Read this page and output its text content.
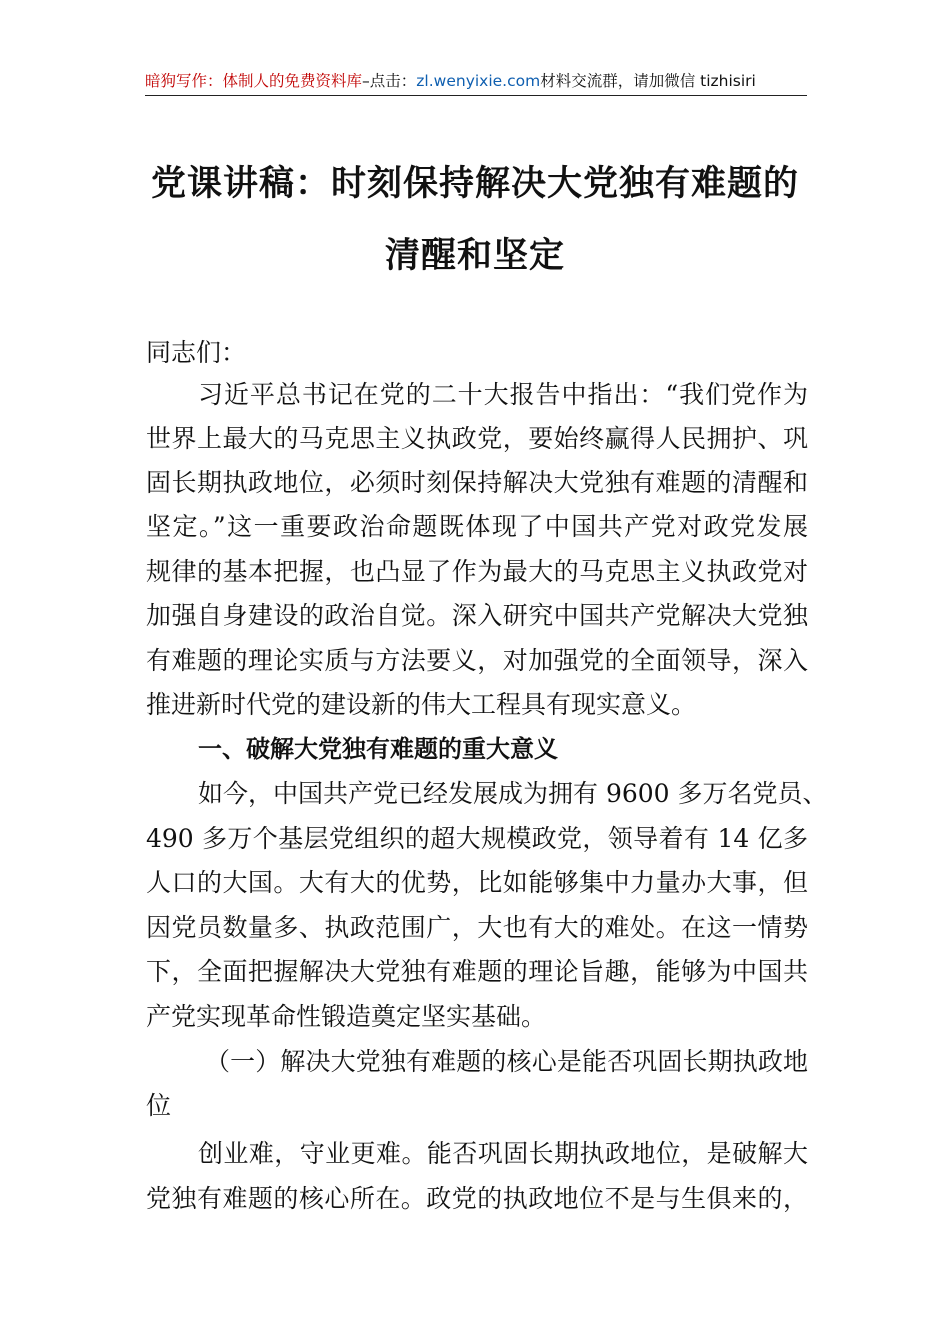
暗狗写作：体制人的免费资料库–点击：zl.wenyixie.com材料交流群，请加微信 tizhisiri
党课讲稿：时刻保持解决大党独有难题的
清醒和坚定
同志们：
习近平总书记在党的二十大报告中指出：“我们党作为
世界上最大的马克思主义执政党，要始终赢得人民拥护、巩
固长期执政地位，必须时刻保持解决大党独有难题的清醒和
坚定。”这一重要政治命题既体现了中国共产党对政党发展
规律的基本把握，也凸显了作为最大的马克思主义执政党对
加强自身建设的政治自觉。深入研究中国共产党解决大党独
有难题的理论实质与方法要义，对加强党的全面领导，深入
推进新时代党的建设新的伟大工程具有现实意义。
一、破解大党独有难题的重大意义
如今，中国共产党已经发展成为拥有 9600 多万名党员、
490 多万个基层党组织的超大规模政党，领导着有 14 亿多
人口的大国。大有大的优势，比如能够集中力量办大事，但
因党员数量多、执政范围广，大也有大的难处。在这一情势
下，全面把握解决大党独有难题的理论旨趣，能够为中国共
产党实现革命性锻造奠定坚实基础。
（一）解决大党独有难题的核心是能否巩固长期执政地
位
创业难，守业更难。能否巩固长期执政地位，是破解大
党独有难题的核心所在。政党的执政地位不是与生俱来的，
